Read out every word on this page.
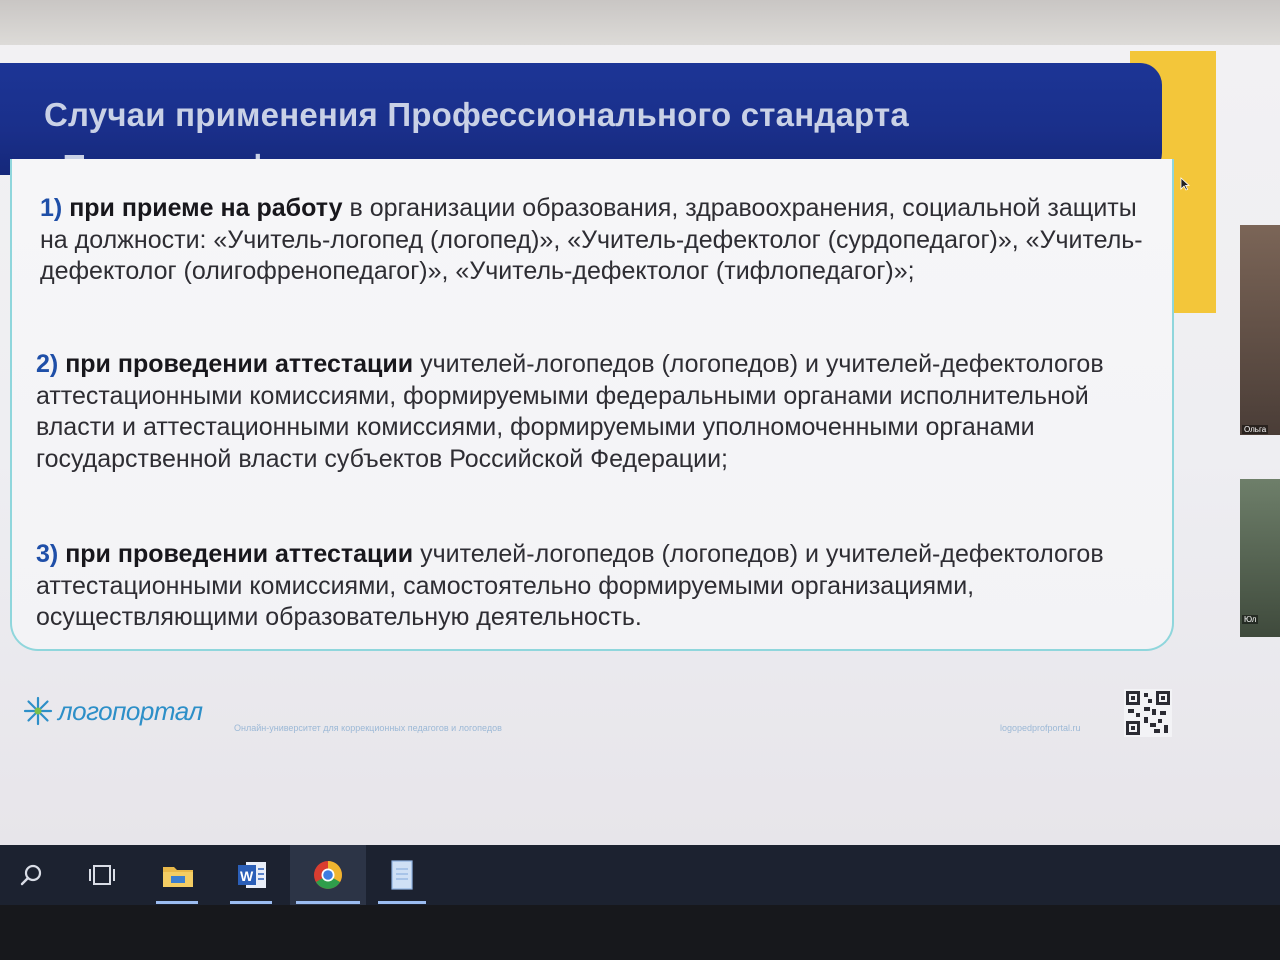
Случаи применения Профессионального стандарта
1) при приеме на работу в организации образования, здравоохранения, социальной защиты на должности: «Учитель-логопед (логопед)», «Учитель-дефектолог (сурдопедагог)», «Учитель-дефектолог (олигофренопедагог)», «Учитель-дефектолог (тифлопедагог)»;
2) при проведении аттестации учителей-логопедов (логопедов) и учителей-дефектологов аттестационными комиссиями, формируемыми федеральными органами исполнительной власти и аттестационными комиссиями, формируемыми уполномоченными органами государственной власти субъектов Российской Федерации;
3) при проведении аттестации учителей-логопедов (логопедов) и учителей-дефектологов аттестационными комиссиями, самостоятельно формируемыми организациями, осуществляющими образовательную деятельность.
логопортал
Онлайн-университет для коррекционных педагогов и логопедов	logopedprofportal.ru
Ольга
Юл
W
